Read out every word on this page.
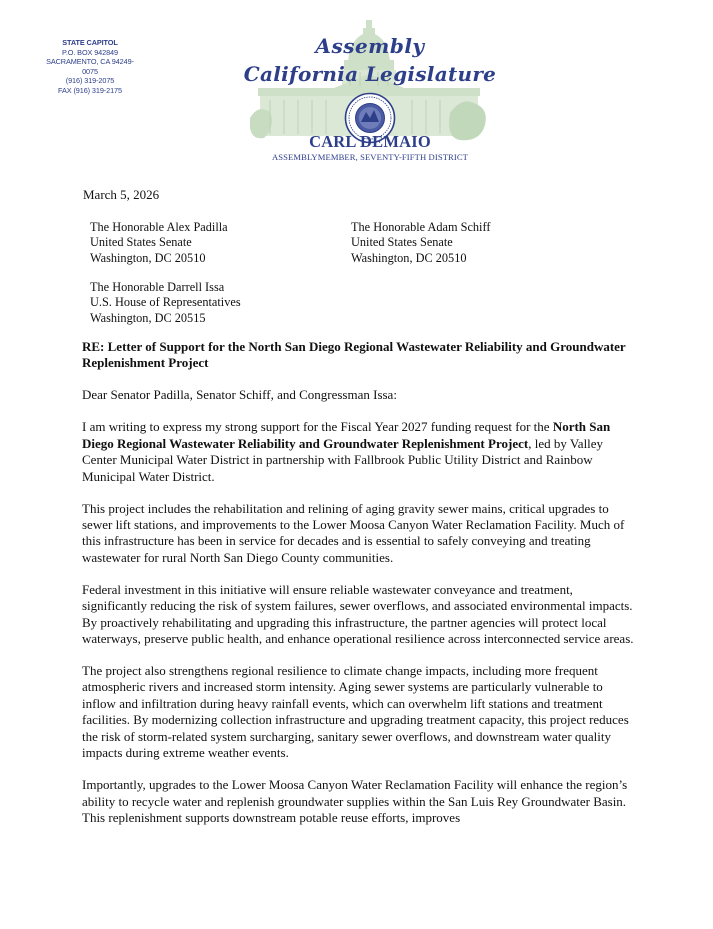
STATE CAPITOL
P.O. BOX 942849
SACRAMENTO, CA 94249-0075
(916) 319-2075
FAX (916) 319-2175
Assembly
California Legislature
CARL DEMAIO
ASSEMBLYMEMBER, SEVENTY-FIFTH DISTRICT
March 5, 2026
The Honorable Alex Padilla
United States Senate
Washington, DC 20510
The Honorable Adam Schiff
United States Senate
Washington, DC 20510
The Honorable Darrell Issa
U.S. House of Representatives
Washington, DC 20515

RE: Letter of Support for the North San Diego Regional Wastewater Reliability and Groundwater Replenishment Project

Dear Senator Padilla, Senator Schiff, and Congressman Issa:

I am writing to express my strong support for the Fiscal Year 2027 funding request for the North San Diego Regional Wastewater Reliability and Groundwater Replenishment Project, led by Valley Center Municipal Water District in partnership with Fallbrook Public Utility District and Rainbow Municipal Water District.

This project includes the rehabilitation and relining of aging gravity sewer mains, critical upgrades to sewer lift stations, and improvements to the Lower Moosa Canyon Water Reclamation Facility. Much of this infrastructure has been in service for decades and is essential to safely conveying and treating wastewater for rural North San Diego County communities.

Federal investment in this initiative will ensure reliable wastewater conveyance and treatment, significantly reducing the risk of system failures, sewer overflows, and associated environmental impacts. By proactively rehabilitating and upgrading this infrastructure, the partner agencies will protect local waterways, preserve public health, and enhance operational resilience across interconnected service areas.

The project also strengthens regional resilience to climate change impacts, including more frequent atmospheric rivers and increased storm intensity. Aging sewer systems are particularly vulnerable to inflow and infiltration during heavy rainfall events, which can overwhelm lift stations and treatment facilities. By modernizing collection infrastructure and upgrading treatment capacity, this project reduces the risk of storm-related system surcharging, sanitary sewer overflows, and downstream water quality impacts during extreme weather events.

Importantly, upgrades to the Lower Moosa Canyon Water Reclamation Facility will enhance the region’s ability to recycle water and replenish groundwater supplies within the San Luis Rey Groundwater Basin. This replenishment supports downstream potable reuse efforts, improves
